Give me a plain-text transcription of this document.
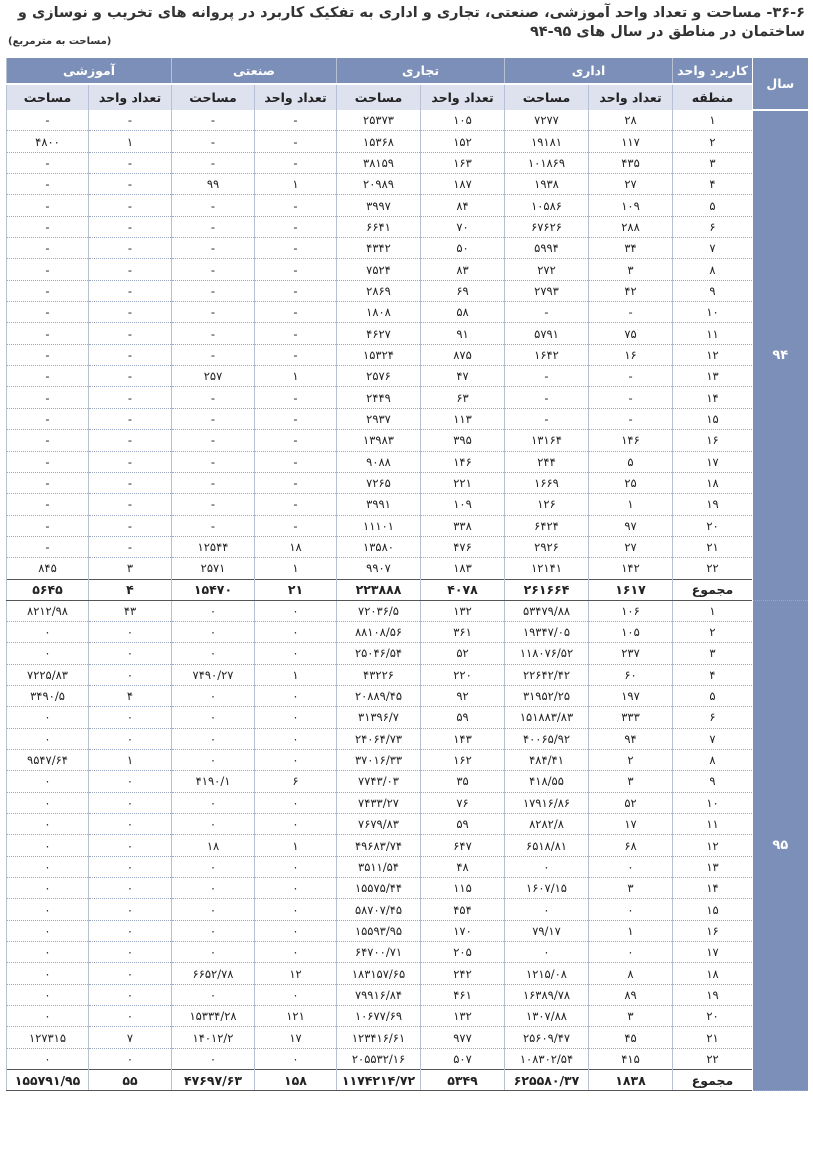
۳۶-۶- مساحت و تعداد واحد آموزشی، صنعتی، تجاری و اداری به تفکیک کاربرد در پروانه های تخریب و نوسازی و
ساختمان در مناطق در سال های ۹۵-۹۴
(مساحت به مترمربع)
سال	کاربرد واحد	اداری		تجاری		صنعتی		آموزشی	
	منطقه	تعداد واحد	مساحت	تعداد واحد	مساحت	تعداد واحد	مساحت	تعداد واحد	مساحت
۹۴	۱	۲۸	۷۲۷۷	۱۰۵	۲۵۳۷۳	-	-	-	-
	۲	۱۱۷	۱۹۱۸۱	۱۵۲	۱۵۳۶۸	-	-	۱	۴۸۰۰
	۳	۴۳۵	۱۰۱۸۶۹	۱۶۳	۳۸۱۵۹	-	-	-	-
	۴	۲۷	۱۹۳۸	۱۸۷	۲۰۹۸۹	۱	۹۹	-	-
	۵	۱۰۹	۱۰۵۸۶	۸۴	۳۹۹۷	-	-	-	-
	۶	۲۸۸	۶۷۶۲۶	۷۰	۶۶۴۱	-	-	-	-
	۷	۳۴	۵۹۹۴	۵۰	۴۳۴۲	-	-	-	-
	۸	۳	۲۷۲	۸۳	۷۵۲۴	-	-	-	-
	۹	۴۲	۲۷۹۳	۶۹	۲۸۶۹	-	-	-	-
	۱۰	-	-	۵۸	۱۸۰۸	-	-	-	-
	۱۱	۷۵	۵۷۹۱	۹۱	۴۶۲۷	-	-	-	-
	۱۲	۱۶	۱۶۴۲	۸۷۵	۱۵۳۲۴	-	-	-	-
	۱۳	-	-	۴۷	۲۵۷۶	۱	۲۵۷	-	-
	۱۴	-	-	۶۳	۲۴۴۹	-	-	-	-
	۱۵	-	-	۱۱۳	۲۹۳۷	-	-	-	-
	۱۶	۱۴۶	۱۳۱۶۴	۳۹۵	۱۳۹۸۳	-	-	-	-
	۱۷	۵	۲۴۴	۱۴۶	۹۰۸۸	-	-	-	-
	۱۸	۲۵	۱۶۶۹	۲۲۱	۷۲۶۵	-	-	-	-
	۱۹	۱	۱۲۶	۱۰۹	۳۹۹۱	-	-	-	-
	۲۰	۹۷	۶۴۲۴	۳۳۸	۱۱۱۰۱	-	-	-	-
	۲۱	۲۷	۲۹۲۶	۴۷۶	۱۳۵۸۰	۱۸	۱۲۵۴۴	-	-
	۲۲	۱۴۲	۱۲۱۴۱	۱۸۳	۹۹۰۷	۱	۲۵۷۱	۳	۸۴۵
	مجموع	۱۶۱۷	۲۶۱۶۶۴	۴۰۷۸	۲۲۳۸۸۸	۲۱	۱۵۴۷۰	۴	۵۶۴۵
۹۵	۱	۱۰۶	۵۳۴۷۹/۸۸	۱۳۲	۷۲۰۳۶/۵	۰	۰	۴۳	۸۲۱۲/۹۸
	۲	۱۰۵	۱۹۳۴۷/۰۵	۳۶۱	۸۸۱۰۸/۵۶	۰	۰	۰	۰
	۳	۲۳۷	۱۱۸۰۷۶/۵۲	۵۲	۲۵۰۴۶/۵۴	۰	۰	۰	۰
	۴	۶۰	۲۲۶۴۲/۴۲	۲۲۰	۴۳۲۲۶	۱	۷۴۹۰/۲۷	۰	۷۲۲۵/۸۳
	۵	۱۹۷	۳۱۹۵۲/۲۵	۹۲	۲۰۸۸۹/۴۵	۰	۰	۴	۳۴۹۰/۵
	۶	۳۳۳	۱۵۱۸۸۳/۸۳	۵۹	۳۱۳۹۶/۷	۰	۰	۰	۰
	۷	۹۴	۴۰۰۶۵/۹۲	۱۴۳	۲۴۰۶۴/۷۳	۰	۰	۰	۰
	۸	۲	۴۸۴/۴۱	۱۶۲	۳۷۰۱۶/۳۳	۰	۰	۱	۹۵۴۷/۶۴
	۹	۳	۴۱۸/۵۵	۳۵	۷۷۴۳/۰۳	۶	۴۱۹۰/۱	۰	۰
	۱۰	۵۲	۱۷۹۱۶/۸۶	۷۶	۷۴۳۳/۲۷	۰	۰	۰	۰
	۱۱	۱۷	۸۲۸۲/۸	۵۹	۷۶۷۹/۸۳	۰	۰	۰	۰
	۱۲	۶۸	۶۵۱۸/۸۱	۶۴۷	۴۹۶۸۳/۷۴	۱	۱۸	۰	۰
	۱۳	۰	۰	۴۸	۳۵۱۱/۵۴	۰	۰	۰	۰
	۱۴	۳	۱۶۰۷/۱۵	۱۱۵	۱۵۵۷۵/۴۴	۰	۰	۰	۰
	۱۵	۰	۰	۴۵۴	۵۸۷۰۷/۴۵	۰	۰	۰	۰
	۱۶	۱	۷۹/۱۷	۱۷۰	۱۵۵۹۳/۹۵	۰	۰	۰	۰
	۱۷	۰	۰	۲۰۵	۶۴۷۰۰/۷۱	۰	۰	۰	۰
	۱۸	۸	۱۲۱۵/۰۸	۲۴۲	۱۸۳۱۵۷/۶۵	۱۲	۶۶۵۲/۷۸	۰	۰
	۱۹	۸۹	۱۶۳۸۹/۷۸	۴۶۱	۷۹۹۱۶/۸۴	۰	۰	۰	۰
	۲۰	۳	۱۳۰۷/۸۸	۱۳۲	۱۰۶۷۷/۶۹	۱۲۱	۱۵۳۳۴/۲۸	۰	۰
	۲۱	۴۵	۲۵۶۰۹/۴۷	۹۷۷	۱۲۳۴۱۶/۶۱	۱۷	۱۴۰۱۲/۲	۷	۱۲۷۳۱۵
	۲۲	۴۱۵	۱۰۸۳۰۲/۵۴	۵۰۷	۲۰۵۵۳۲/۱۶	۰	۰	۰	۰
	مجموع	۱۸۳۸	۶۲۵۵۸۰/۳۷	۵۳۴۹	۱۱۷۴۲۱۴/۷۲	۱۵۸	۴۷۶۹۷/۶۳	۵۵	۱۵۵۷۹۱/۹۵
